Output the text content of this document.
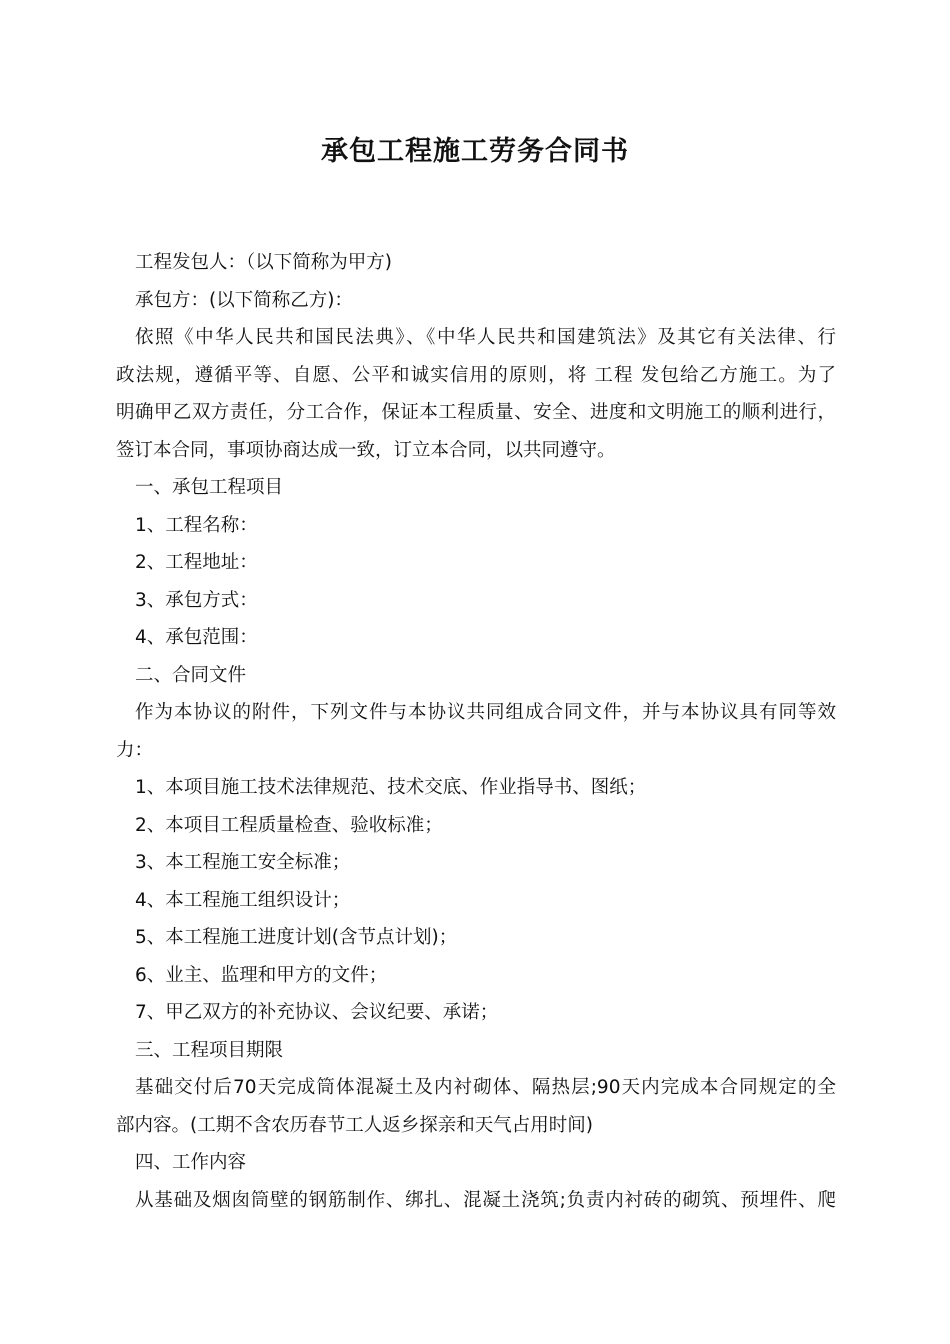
承包工程施工劳务合同书
工程发包人：（以下简称为甲方)
承包方：(以下简称乙方)：
依照《中华人民共和国民法典》、《中华人民共和国建筑法》及其它有关法律、行
政法规，遵循平等、自愿、公平和诚实信用的原则，将 工程 发包给乙方施工。为了
明确甲乙双方责任，分工合作，保证本工程质量、安全、进度和文明施工的顺利进行，
签订本合同，事项协商达成一致，订立本合同，以共同遵守。
一、承包工程项目
1、工程名称：
2、工程地址：
3、承包方式：
4、承包范围：
二、合同文件
作为本协议的附件，下列文件与本协议共同组成合同文件，并与本协议具有同等效
力：
1、本项目施工技术法律规范、技术交底、作业指导书、图纸；
2、本项目工程质量检查、验收标准；
3、本工程施工安全标准；
4、本工程施工组织设计；
5、本工程施工进度计划(含节点计划)；
6、业主、监理和甲方的文件；
7、甲乙双方的补充协议、会议纪要、承诺；
三、工程项目期限
基础交付后70天完成筒体混凝土及内衬砌体、隔热层;90天内完成本合同规定的全
部内容。(工期不含农历春节工人返乡探亲和天气占用时间)
四、工作内容
从基础及烟囱筒壁的钢筋制作、绑扎、混凝土浇筑;负责内衬砖的砌筑、预埋件、爬
